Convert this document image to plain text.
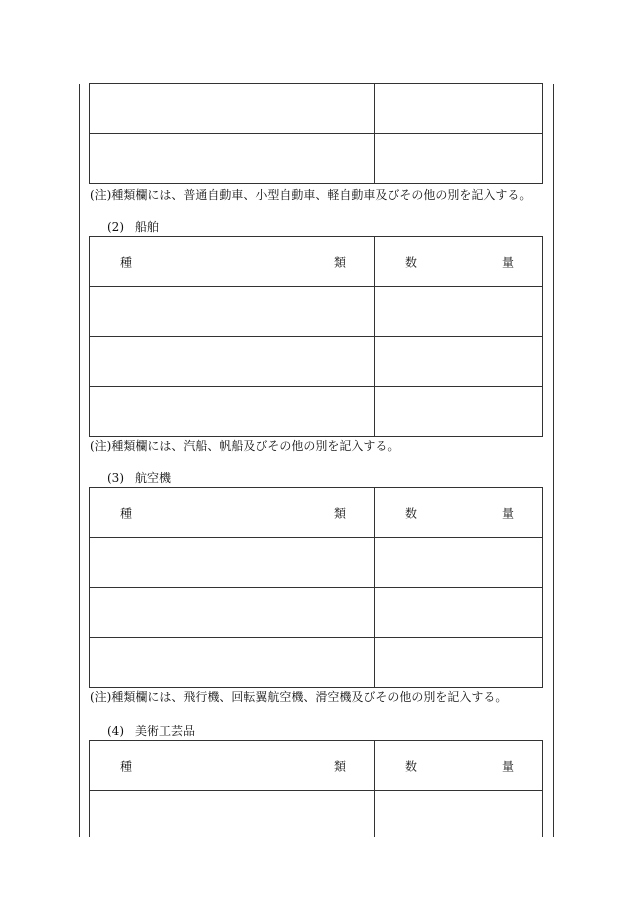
(注)種類欄には、普通自動車、小型自動車、軽自動車及びその他の別を記入する。
(2) 船舶
種 類	数 量

(注)種類欄には、汽船、帆船及びその他の別を記入する。
(3) 航空機
種 類	数 量

(注)種類欄には、飛行機、回転翼航空機、滑空機及びその他の別を記入する。
(4) 美術工芸品
種 類	数 量
